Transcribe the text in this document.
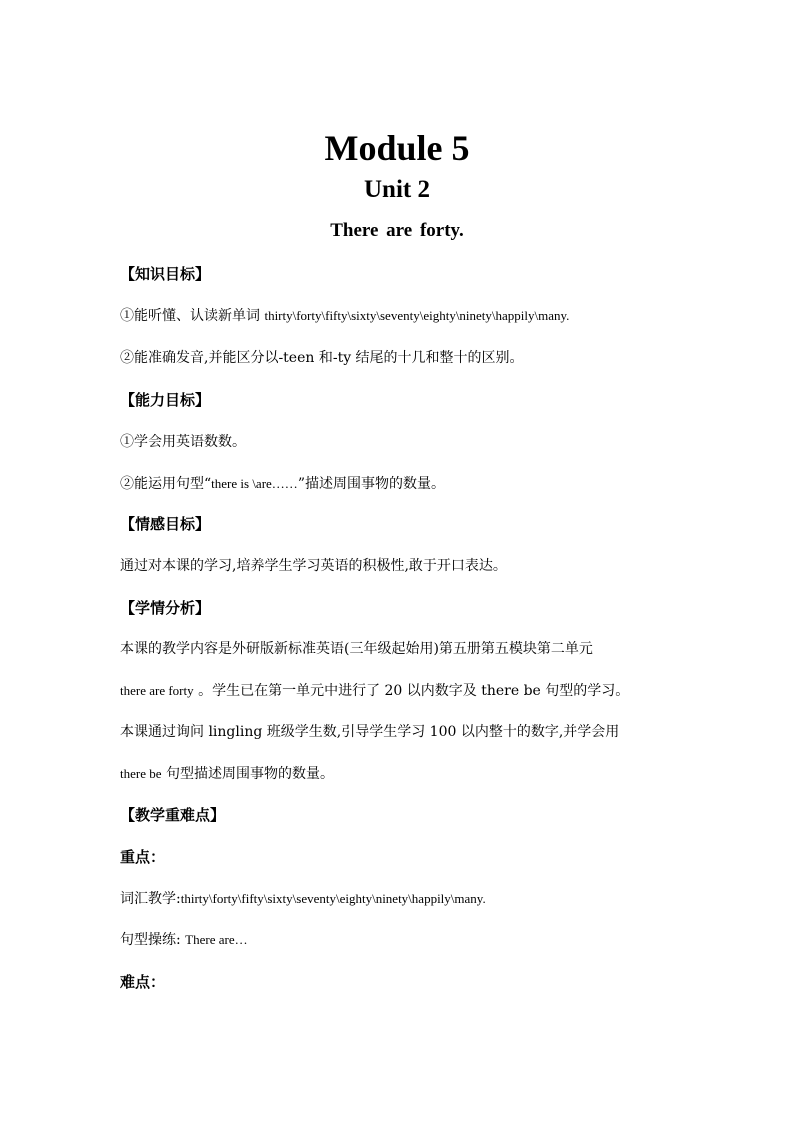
Module 5
Unit 2
There are forty.
【知识目标】
①能听懂、认读新单词 thirty\forty\fifty\sixty\seventy\eighty\ninety\happily\many.
②能准确发音,并能区分以-teen 和-ty 结尾的十几和整十的区别。
【能力目标】
①学会用英语数数。
②能运用句型“there is \are……”描述周围事物的数量。
【情感目标】
通过对本课的学习,培养学生学习英语的积极性,敢于开口表达。
【学情分析】
本课的教学内容是外研版新标准英语(三年级起始用)第五册第五模块第二单元
there are forty 。学生已在第一单元中进行了 20 以内数字及 there be 句型的学习。
本课通过询问 lingling 班级学生数,引导学生学习 100 以内整十的数字,并学会用
there be 句型描述周围事物的数量。
【教学重难点】
重点：
词汇教学:thirty\forty\fifty\sixty\seventy\eighty\ninety\happily\many.
句型操练: There are…
难点：
